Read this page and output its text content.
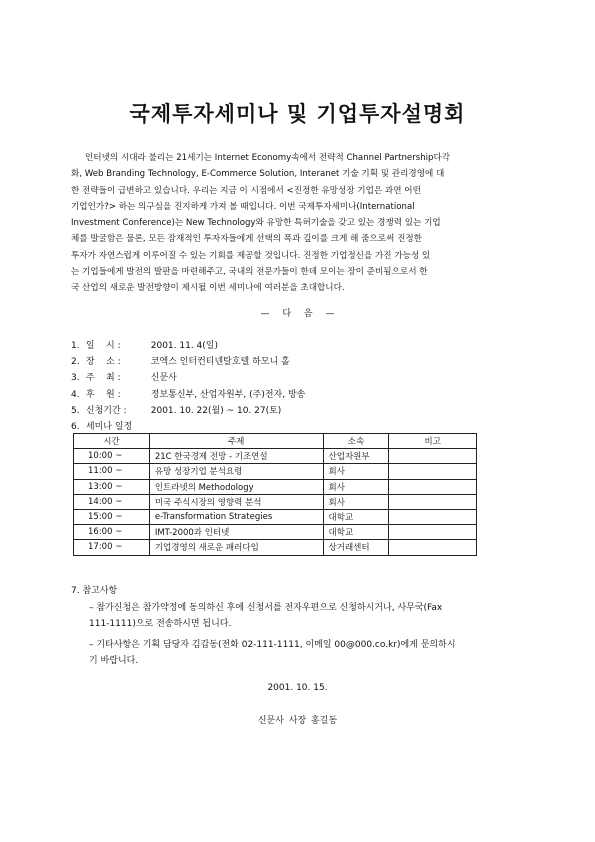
국제투자세미나 및 기업투자설명회
인터넷의 시대라 불리는 21세기는 Internet Economy속에서 전략적 Channel Partnership다각
화, Web Branding Technology, E-Commerce Solution, Interanet 기술 기획 및 관리경영에 대
한 전략들이 급변하고 있습니다. 우리는 지금 이 시점에서 <진정한 유망성장 기업은 과연 어떤
기업인가?> 하는 의구심을 진지하게 가져 볼 때입니다. 이번 국제투자세미나(International
Investment Conference)는 New Technology와 유망한 특허기술을 갖고 있는 경쟁력 있는 기업
체를 발굴함은 물론, 모든 잠재적인 투자자들에게 선택의 폭과 깊이를 크게 해 줌으로써 진정한
투자가 자연스럽게 이루어질 수 있는 기회를 제공할 것입니다. 진정한 기업정신을 가진 가능성 있
는 기업들에게 발전의 발판을 마련해주고, 국내의 전문가들이 한데 모이는 장이 준비됨으로서 한
국 산업의 새로운 발전방향이 제시될 이번 세미나에 여러분을 초대합니다.
— 다 음 —
1. 일    시 :	2001. 11. 4(일)
2. 장    소 :	코엑스 인터컨티넨탈호텔 하모니 홀
3. 주    최 :	신문사
4. 후    원 :	정보통신부, 산업자원부, (주)전자, 방송
5. 신청기간 :	2001. 10. 22(월) ~ 10. 27(토)
6. 세미나 일정
시간	주제	소속	비고
10:00 ~	21C 한국경제 전망 - 기조연설	산업자원부	
11:00 ~	유망 성장기업 분석요령	회사	
13:00 ~	인트라넷의 Methodology	회사	
14:00 ~	미국 주식시장의 영향력 분석	회사	
15:00 ~	e-Transformation Strategies	대학교	
16:00 ~	IMT-2000과 인터넷	대학교	
17:00 ~	기업경영의 새로운 패러다임	상거래센터	
7. 참고사항
– 참가신청은 참가약정에 동의하신 후에 신청서를 전자우편으로 신청하시거나, 사무국(Fax
111-1111)으로 전송하시면 됩니다.
– 기타사항은 기획 담당자 김갑동(전화 02-111-1111, 이메일 00@000.co.kr)에게 문의하시
기 바랍니다.
2001. 10. 15.
신문사 사장 홍길동
